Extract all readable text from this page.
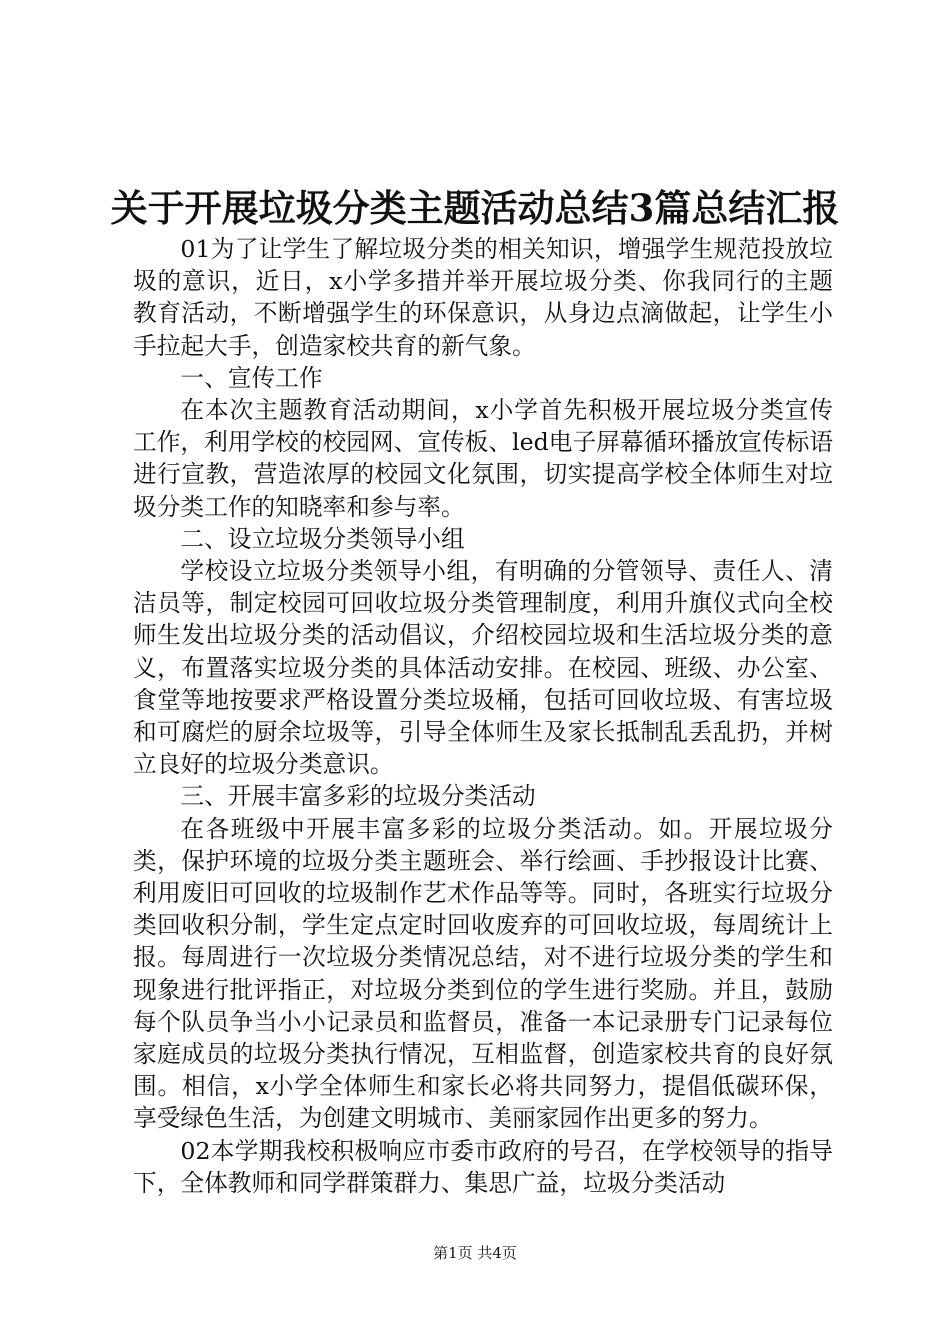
关于开展垃圾分类主题活动总结3篇总结汇报

01为了让学生了解垃圾分类的相关知识，增强学生规范投放垃圾的意识，近日，x小学多措并举开展垃圾分类、你我同行的主题教育活动，不断增强学生的环保意识，从身边点滴做起，让学生小手拉起大手，创造家校共育的新气象。

一、宣传工作

在本次主题教育活动期间，x小学首先积极开展垃圾分类宣传工作，利用学校的校园网、宣传板、led电子屏幕循环播放宣传标语进行宣教，营造浓厚的校园文化氛围，切实提高学校全体师生对垃圾分类工作的知晓率和参与率。

二、设立垃圾分类领导小组

学校设立垃圾分类领导小组，有明确的分管领导、责任人、清洁员等，制定校园可回收垃圾分类管理制度，利用升旗仪式向全校师生发出垃圾分类的活动倡议，介绍校园垃圾和生活垃圾分类的意义，布置落实垃圾分类的具体活动安排。在校园、班级、办公室、食堂等地按要求严格设置分类垃圾桶，包括可回收垃圾、有害垃圾和可腐烂的厨余垃圾等，引导全体师生及家长抵制乱丢乱扔，并树立良好的垃圾分类意识。

三、开展丰富多彩的垃圾分类活动

在各班级中开展丰富多彩的垃圾分类活动。如。开展垃圾分类，保护环境的垃圾分类主题班会、举行绘画、手抄报设计比赛、利用废旧可回收的垃圾制作艺术作品等等。同时，各班实行垃圾分类回收积分制，学生定点定时回收废弃的可回收垃圾，每周统计上报。每周进行一次垃圾分类情况总结，对不进行垃圾分类的学生和现象进行批评指正，对垃圾分类到位的学生进行奖励。并且，鼓励每个队员争当小小记录员和监督员，准备一本记录册专门记录每位家庭成员的垃圾分类执行情况，互相监督，创造家校共育的良好氛围。相信，x小学全体师生和家长必将共同努力，提倡低碳环保，享受绿色生活，为创建文明城市、美丽家园作出更多的努力。

02本学期我校积极响应市委市政府的号召，在学校领导的指导下，全体教师和同学群策群力、集思广益，垃圾分类活动

第1页 共4页
